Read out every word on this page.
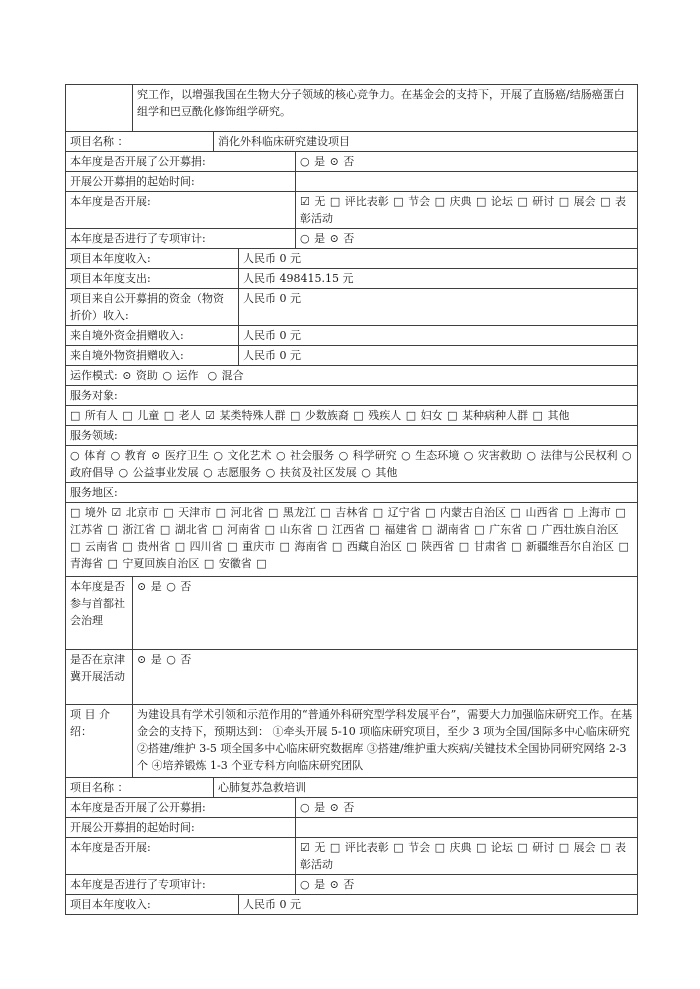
	究工作，以增强我国在生物大分子领域的核心竞争力。在基金会的支持下，开展了直肠癌/结肠癌蛋白组学和巴豆酰化修饰组学研究。			
项目名称 ：		消化外科临床研究建设项目		
本年度是否开展了公开募捐:				○ 是 ⊙ 否
开展公开募捐的起始时间:				
本年度是否开展:				☑ 无 □ 评比表彰 □ 节会 □ 庆典 □ 论坛 □ 研讨 □ 展会 □ 表彰活动
本年度是否进行了专项审计:				○ 是 ⊙ 否
项目本年度收入:			人民币 0 元	
项目本年度支出:			人民币 498415.15 元	
项目来自公开募捐的资金（物资折价）收入:			人民币 0 元	
来自境外资金捐赠收入:			人民币 0 元	
来自境外物资捐赠收入:			人民币 0 元	
运作模式: ⊙ 资助 ○ 运作  ○ 混合				
服务对象:				
□ 所有人 □ 儿童 □ 老人 ☑ 某类特殊人群 □ 少数族裔 □ 残疾人 □ 妇女 □ 某种病种人群 □ 其他				
服务领域:				
○ 体育 ○ 教育 ⊙ 医疗卫生 ○ 文化艺术 ○ 社会服务 ○ 科学研究 ○ 生态环境 ○ 灾害救助 ○ 法律与公民权利 ○ 政府倡导 ○ 公益事业发展 ○ 志愿服务 ○ 扶贫及社区发展 ○ 其他				
服务地区:				
□ 境外 ☑ 北京市 □ 天津市 □ 河北省 □ 黑龙江 □ 吉林省 □ 辽宁省 □ 内蒙古自治区 □ 山西省 □ 上海市 □ 江苏省 □ 浙江省 □ 湖北省 □ 河南省 □ 山东省 □ 江西省 □ 福建省 □ 湖南省 □ 广东省 □ 广西壮族自治区 □ 云南省 □ 贵州省 □ 四川省 □ 重庆市 □ 海南省 □ 西藏自治区 □ 陕西省 □ 甘肃省 □ 新疆维吾尔自治区 □ 青海省 □ 宁夏回族自治区 □ 安徽省 □				
本年度是否参与首都社会治理	⊙ 是 ○ 否			
是否在京津冀开展活动	⊙ 是 ○ 否			
项 目 介 绍：	为建设具有学术引领和示范作用的“普通外科研究型学科发展平台”，需要大力加强临床研究工作。在基金会的支持下，预期达到： ①牵头开展 5-10 项临床研究项目，至少 3 项为全国/国际多中心临床研究 ②搭建/维护 3-5 项全国多中心临床研究数据库 ③搭建/维护重大疾病/关键技术全国协同研究网络 2-3 个 ④培养锻炼 1-3 个亚专科方向临床研究团队			
项目名称 ：		心肺复苏急救培训		
本年度是否开展了公开募捐:				○ 是 ⊙ 否
开展公开募捐的起始时间:				
本年度是否开展:				☑ 无 □ 评比表彰 □ 节会 □ 庆典 □ 论坛 □ 研讨 □ 展会 □ 表彰活动
本年度是否进行了专项审计:				○ 是 ⊙ 否
项目本年度收入:			人民币 0 元	
